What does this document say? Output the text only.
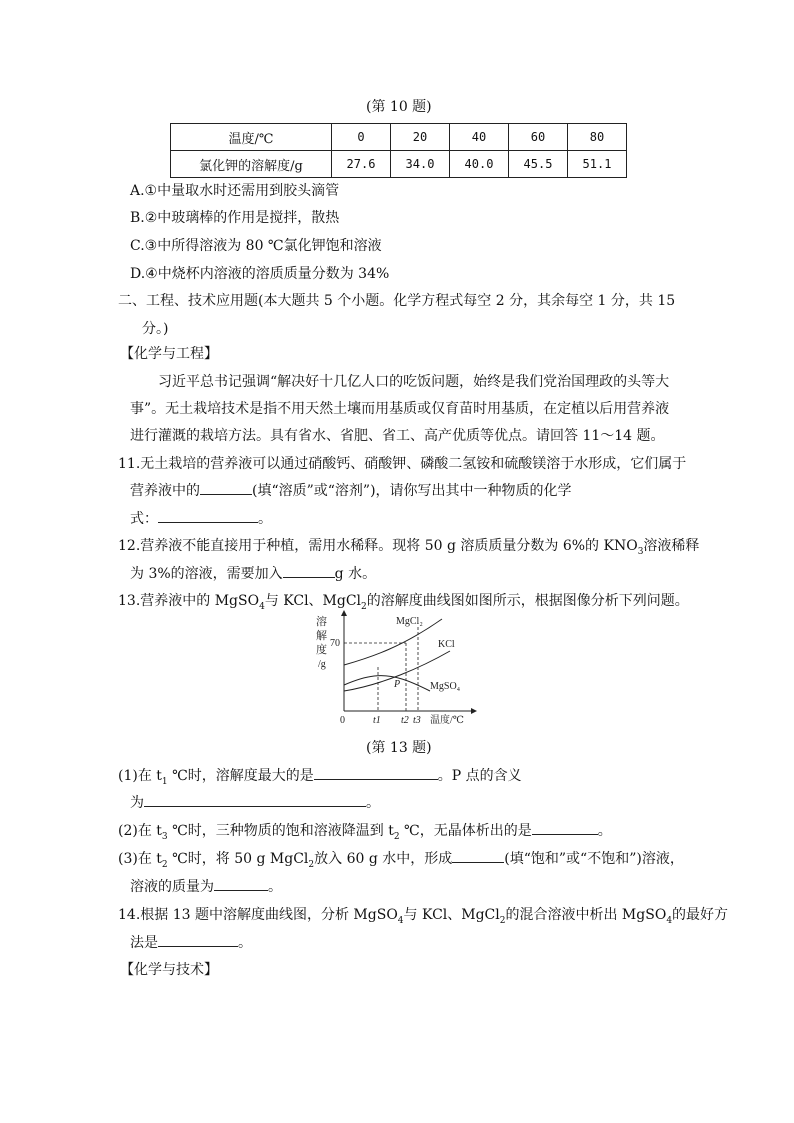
(第 10 题)
温度/℃	0	20	40	60	80
氯化钾的溶解度/g	27.6	34.0	40.0	45.5	51.1
A.①中量取水时还需用到胶头滴管
B.②中玻璃棒的作用是搅拌，散热
C.③中所得溶液为 80 ℃氯化钾饱和溶液
D.④中烧杯内溶液的溶质质量分数为 34%
二、工程、技术应用题(本大题共 5 个小题。化学方程式每空 2 分，其余每空 1 分，共 15
分。)
【化学与工程】
习近平总书记强调“解决好十几亿人口的吃饭问题，始终是我们党治国理政的头等大
事”。无土栽培技术是指不用天然土壤而用基质或仅育苗时用基质，在定植以后用营养液
进行灌溉的栽培方法。具有省水、省肥、省工、高产优质等优点。请回答 11～14 题。
11.无土栽培的营养液可以通过硝酸钙、硝酸钾、磷酸二氢铵和硫酸镁溶于水形成，它们属于
营养液中的	(填“溶质”或“溶剂”)，请你写出其中一种物质的化学
式：	。
12.营养液不能直接用于种植，需用水稀释。现将 50 g 溶质质量分数为 6%的 $KNO_3$溶液稀释
为 3%的溶液，需要加入	g 水。
13.营养液中的 MgSO$_4$与 KCl、MgCl$_2$的溶解度曲线图如图所示，根据图像分析下列问题。
溶
解
度
/g
70
MgCl₂
KCl
MgSO₄
P
0	t1 t2 t3 温度/℃
(第 13 题)
(1)在 $t_1$ ℃时，溶解度最大的是	。P 点的含义
为	。
(2)在 $t_3$ ℃时，三种物质的饱和溶液降温到 $t_2$ ℃，无晶体析出的是	。
(3)在 $t_2$ ℃时，将 50 g MgCl$_2$放入 60 g 水中，形成	(填“饱和”或“不饱和”)溶液，
溶液的质量为	。
14.根据 13 题中溶解度曲线图，分析 MgSO$_4$与 KCl、MgCl$_2$的混合溶液中析出 MgSO$_4$的最好方
法是	。
【化学与技术】
